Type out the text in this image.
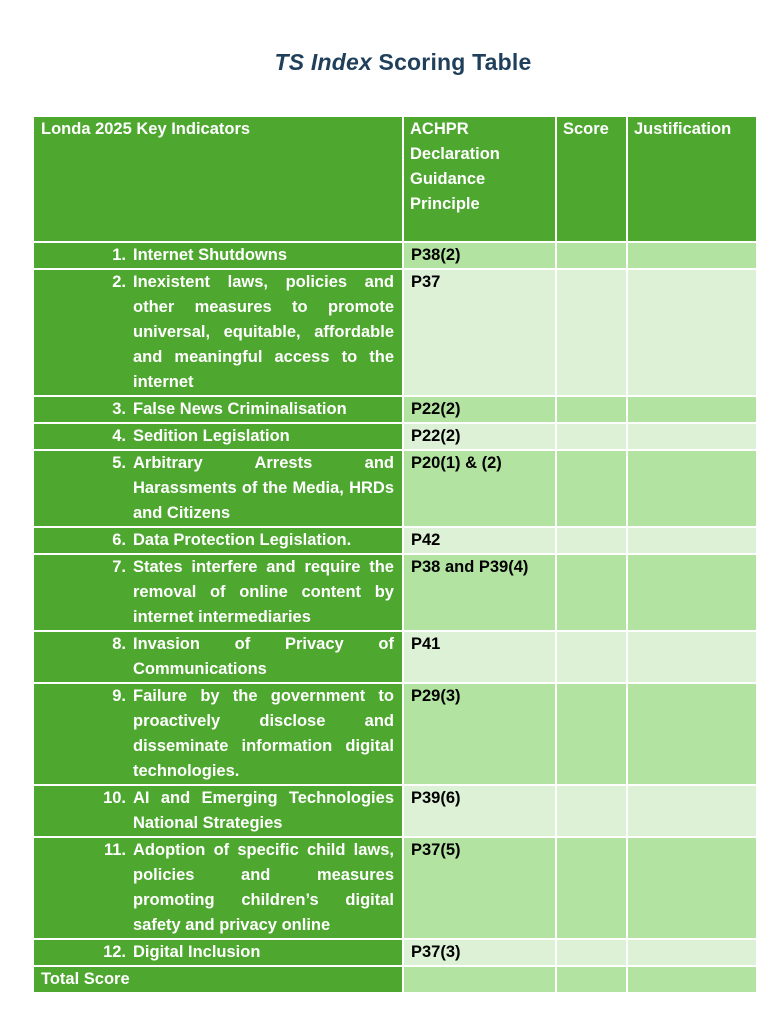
TS Index Scoring Table
Londa 2025 Key Indicators	ACHPR Declaration Guidance Principle	Score	Justification

1. Internet Shutdowns	P38(2)		

2. Inexistent laws, policies and other measures to promote universal, equitable, affordable and meaningful access to the internet	P37		

3. False News Criminalisation	P22(2)		

4. Sedition Legislation	P22(2)		

5. Arbitrary Arrests and Harassments of the Media, HRDs and Citizens	P20(1) & (2)		

6. Data Protection Legislation.	P42		

7. States interfere and require the removal of online content by internet intermediaries	P38 and P39(4)		

8. Invasion of Privacy of Communications	P41		

9. Failure by the government to proactively disclose and disseminate information digital technologies.	P29(3)		

10. AI and Emerging Technologies National Strategies	P39(6)		

11. Adoption of specific child laws, policies and measures promoting children’s digital safety and privacy online	P37(5)		

12. Digital Inclusion	P37(3)		
Total Score			
